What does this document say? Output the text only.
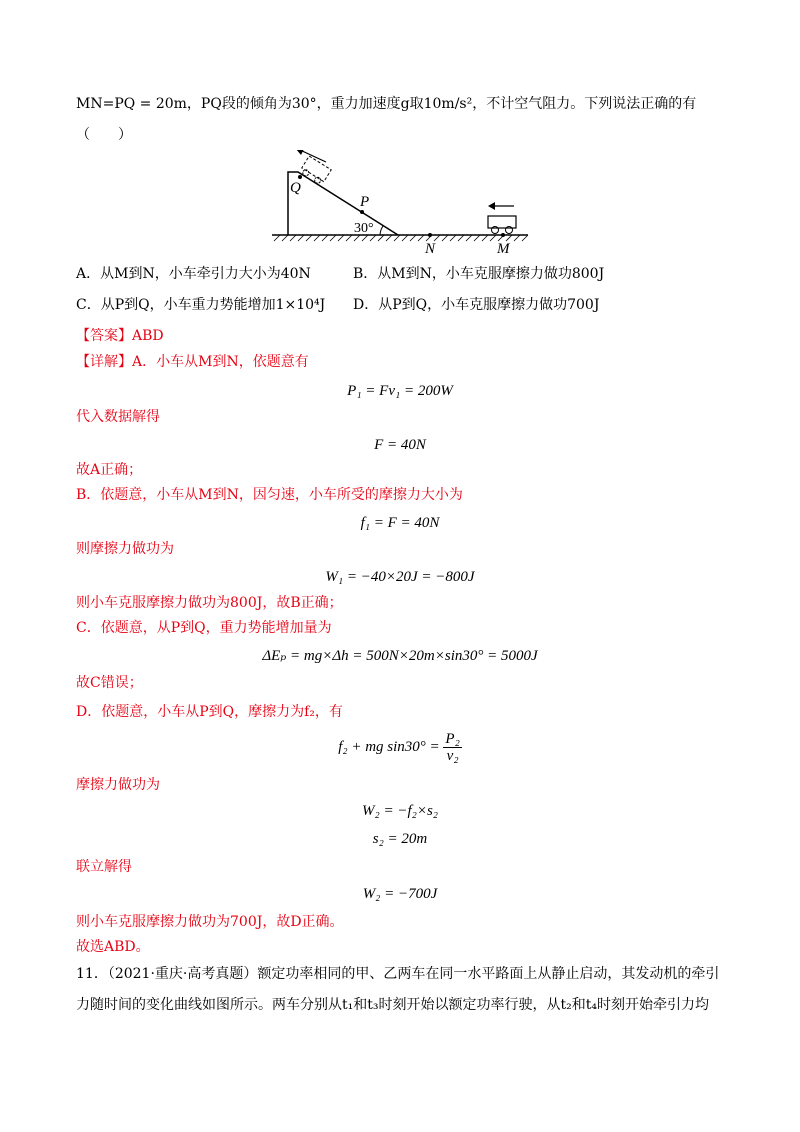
MN=PQ = 20m，PQ段的倾角为30°，重力加速度g取10m/s²，不计空气阻力。下列说法正确的有
（　　）
Q
P
N	M
30°
A．从M到N，小车牵引力大小为40N	B．从M到N，小车克服摩擦力做功800J
C．从P到Q，小车重力势能增加1×10⁴J D．从P到Q，小车克服摩擦力做功700J
【答案】ABD
【详解】A．小车从M到N，依题意有
P₁ = Fv₁ = 200W
代入数据解得
F = 40N
故A正确；
B．依题意，小车从M到N，因匀速，小车所受的摩擦力大小为
f₁ = F = 40N
则摩擦力做功为
W₁ = −40×20J = −800J
则小车克服摩擦力做功为800J，故B正确；
C．依题意，从P到Q，重力势能增加量为
ΔEₚ = mg×Δh = 500N×20m×sin30° = 5000J
故C错误；
D．依题意，小车从P到Q，摩擦力为f₂，有
f₂ + mg $\sin 30^\circ = \frac{\text{P₂}}{\text{v₂}}$
摩擦力做功为
W₂ = −f₂×s₂
s₂ = 20m
联立解得
W₂ = −700J
则小车克服摩擦力做功为700J，故D正确。
故选ABD。
11．（2021·重庆·高考真题）额定功率相同的甲、乙两车在同一水平路面上从静止启动，其发动机的牵引
力随时间的变化曲线如图所示。两车分别从t₁和t₃时刻开始以额定功率行驶，从t₂和t₄时刻开始牵引力均
